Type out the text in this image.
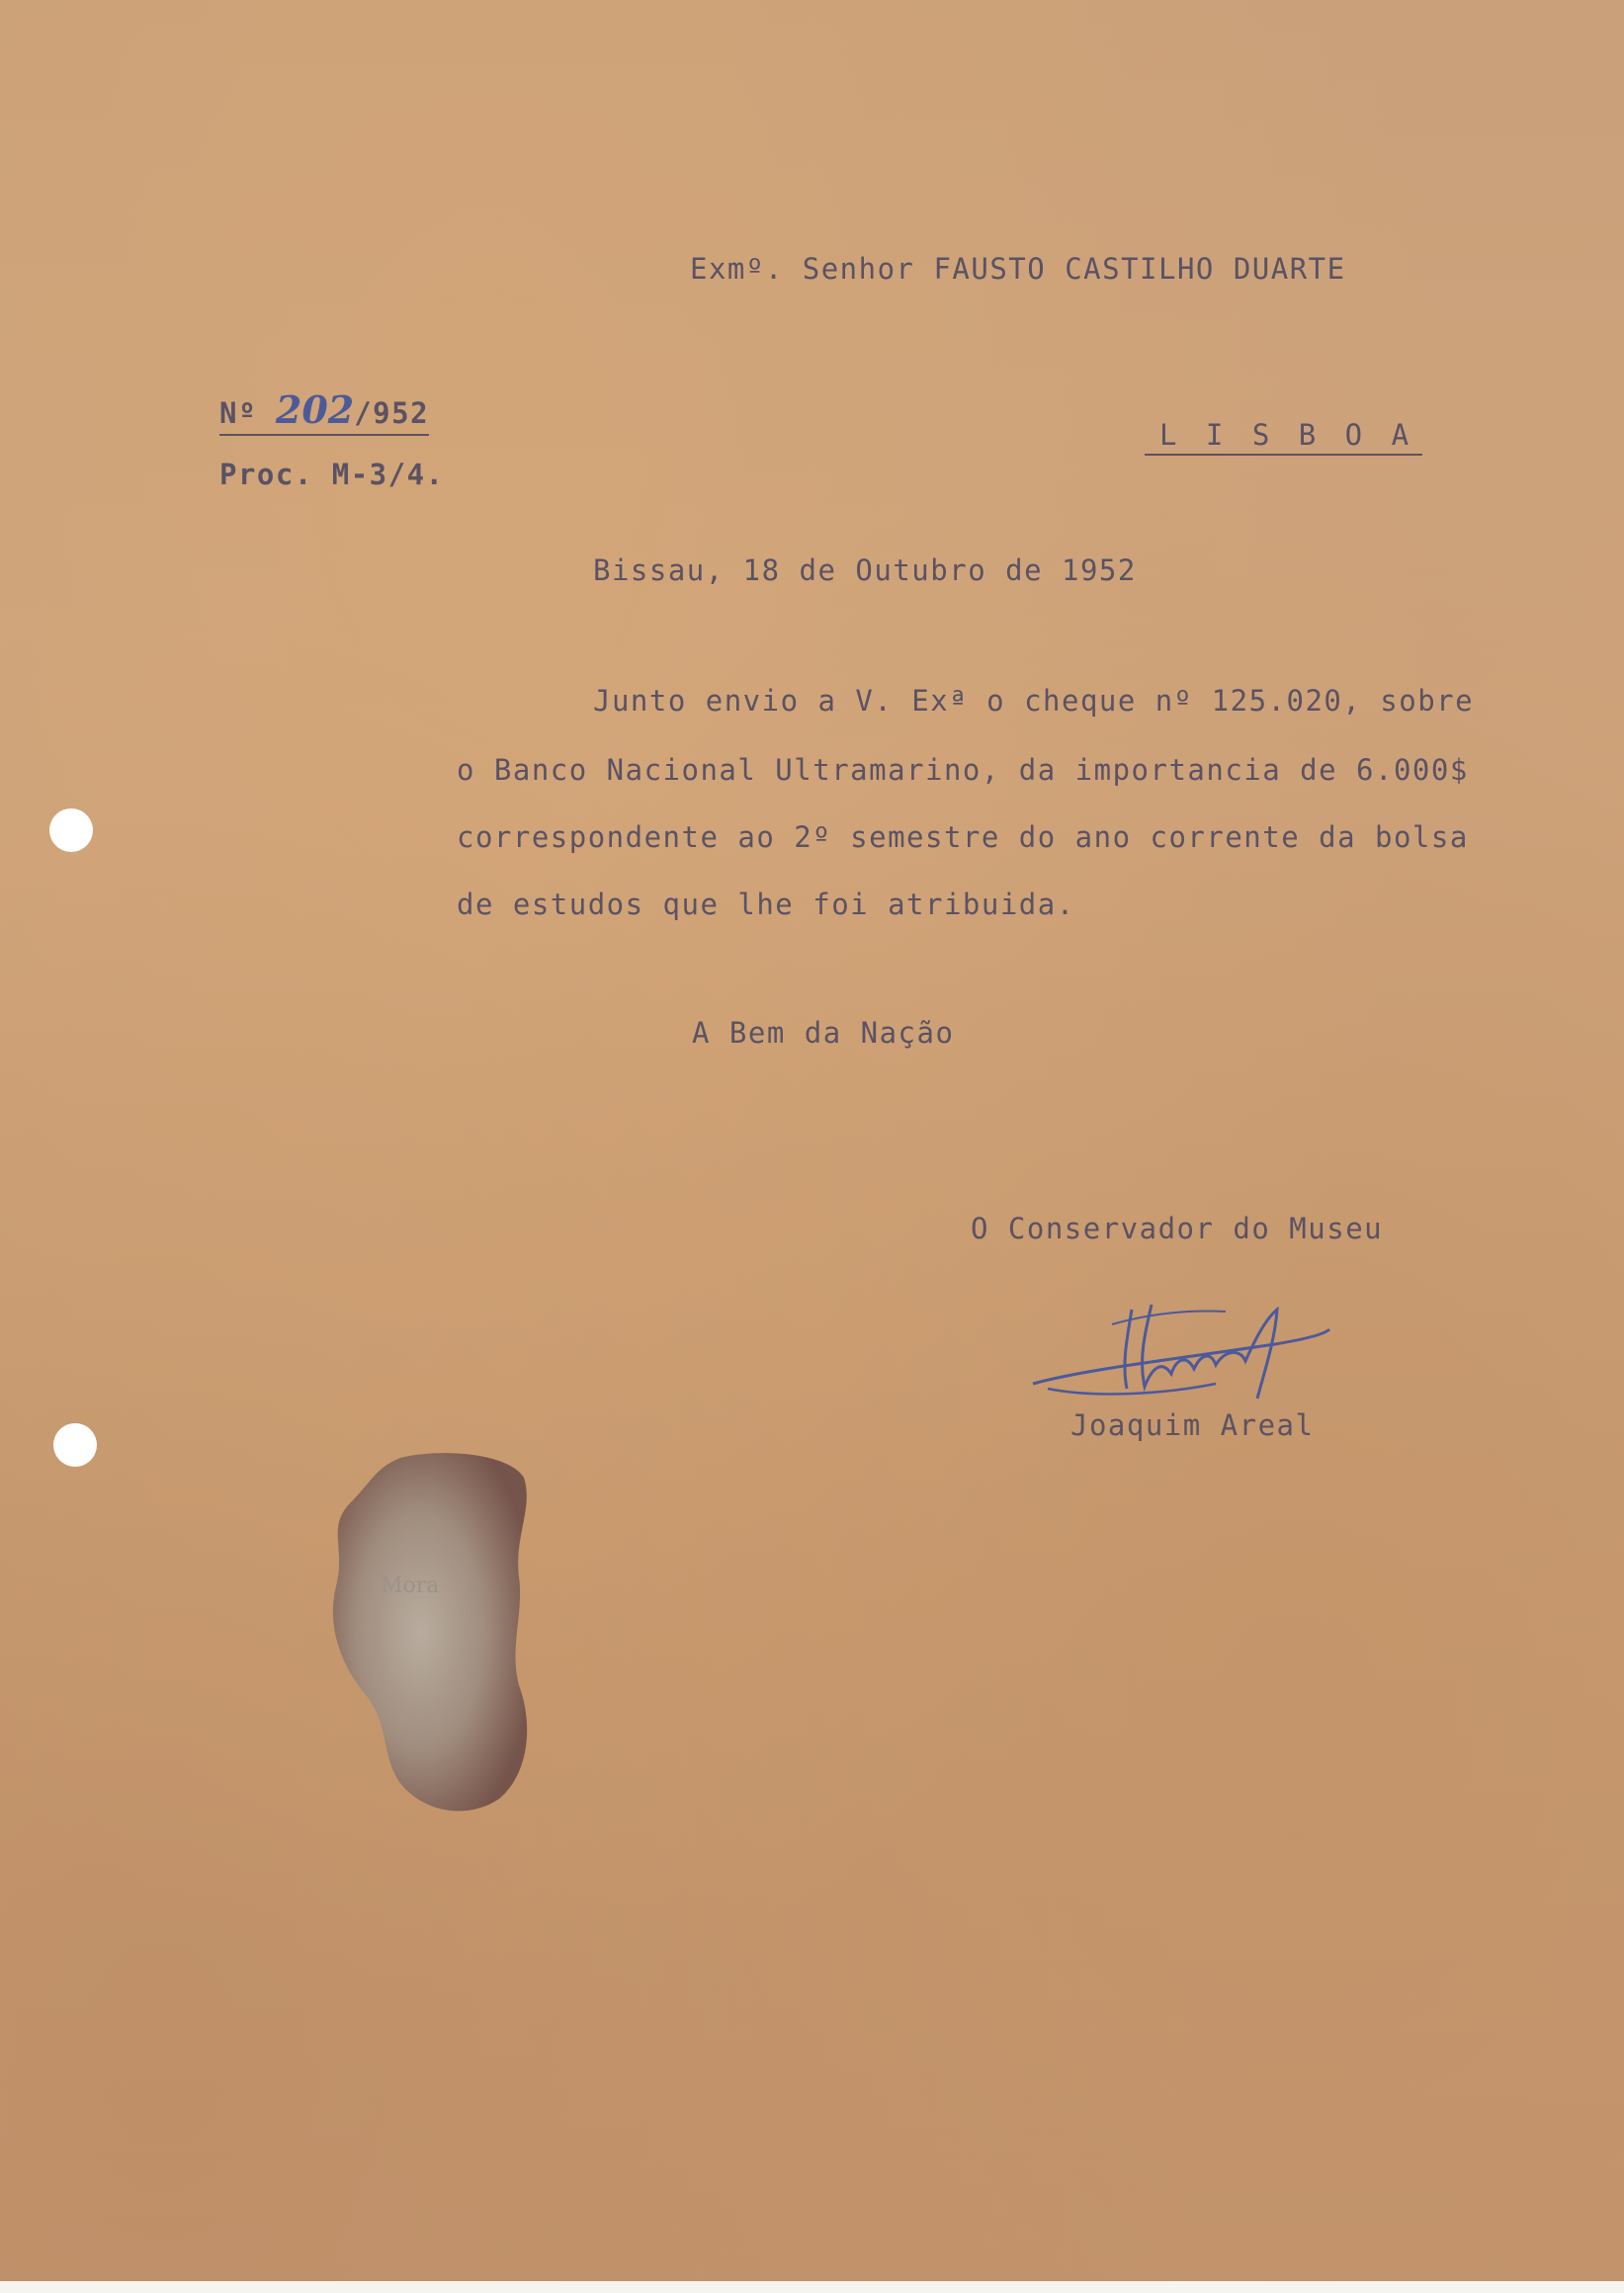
Exmº. Senhor FAUSTO CASTILHO DUARTE
Nº 202/952
Proc. M-3/4.
L I S B O A
Bissau, 18 de Outubro de 1952
Junto envio a V. Exª o cheque nº 125.020, sobre
o Banco Nacional Ultramarino, da importancia de 6.000$
correspondente ao 2º semestre do ano corrente da bolsa
de estudos que lhe foi atribuida.
A Bem da Nação
O Conservador do Museu
Joaquim Areal
Mora
